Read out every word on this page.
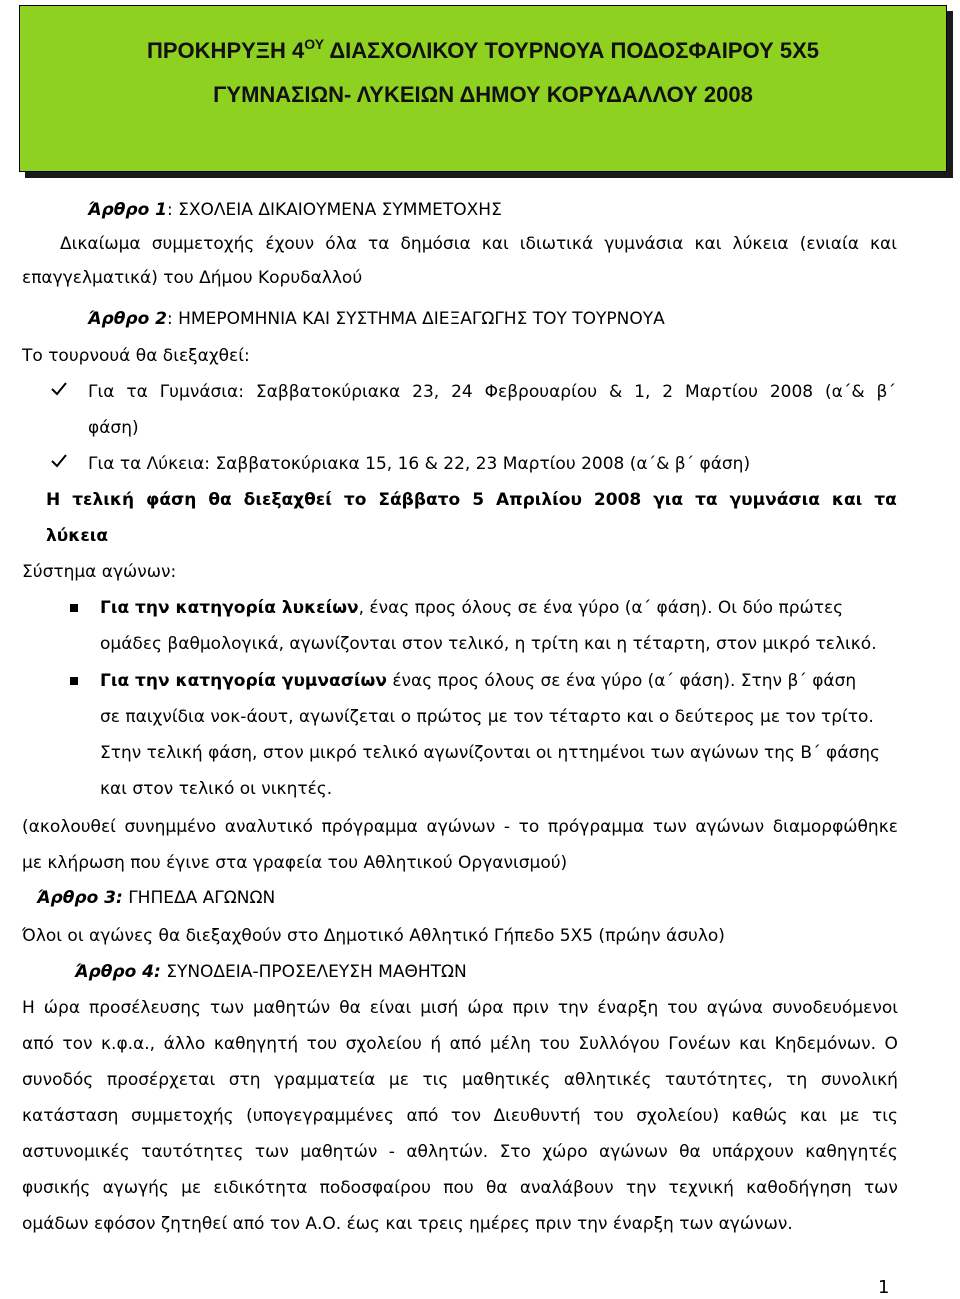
ΠΡΟΚΗΡΥΞΗ $4^{O\Upsilon}$ ΔΙΑΣΧΟΛΙΚΟΥ ΤΟΥΡΝΟΥΑ ΠΟΔΟΣΦΑΙΡΟΥ 5Χ5
ΓΥΜΝΑΣΙΩΝ- ΛΥΚΕΙΩΝ ΔΗΜΟΥ ΚΟΡΥΔΑΛΛΟΥ 2008
Άρθρο 1: ΣΧΟΛΕΙΑ ΔΙΚΑΙΟΥΜΕΝΑ ΣΥΜΜΕΤΟΧΗΣ
Δικαίωμα συμμετοχής έχουν όλα τα δημόσια και ιδιωτικά γυμνάσια και λύκεια (ενιαία και
επαγγελματικά) του Δήμου Κορυδαλλού
Άρθρο 2: ΗΜΕΡΟΜΗΝΙΑ ΚΑΙ ΣΥΣΤΗΜΑ ΔΙΕΞΑΓΩΓΗΣ ΤΟΥ ΤΟΥΡΝΟΥΑ
Το τουρνουά θα διεξαχθεί:
Για τα Γυμνάσια: Σαββατοκύριακα 23, 24 Φεβρουαρίου & 1, 2 Μαρτίου 2008 (α΄& β΄
φάση)
Για τα Λύκεια: Σαββατοκύριακα 15, 16 & 22, 23 Μαρτίου 2008 (α΄& β΄ φάση)
Η τελική φάση θα διεξαχθεί το Σάββατο 5 Απριλίου 2008 για τα γυμνάσια και τα
λύκεια
Σύστημα αγώνων:
Για την κατηγορία λυκείων, ένας προς όλους σε ένα γύρο (α΄ φάση). Οι δύο πρώτες
ομάδες βαθμολογικά, αγωνίζονται στον τελικό, η τρίτη και η τέταρτη, στον μικρό τελικό.
Για την κατηγορία γυμνασίων ένας προς όλους σε ένα γύρο (α΄ φάση). Στην β΄ φάση
σε παιχνίδια νοκ-άουτ, αγωνίζεται ο πρώτος με τον τέταρτο και ο δεύτερος με τον τρίτο.
Στην τελική φάση, στον μικρό τελικό αγωνίζονται οι ηττημένοι των αγώνων της Β΄ φάσης
και στον τελικό οι νικητές.
(ακολουθεί συνημμένο αναλυτικό πρόγραμμα αγώνων - το πρόγραμμα των αγώνων διαμορφώθηκε
με κλήρωση που έγινε στα γραφεία του Αθλητικού Οργανισμού)
Άρθρο 3: ΓΗΠΕΔΑ ΑΓΩΝΩΝ
Όλοι οι αγώνες θα διεξαχθούν στο Δημοτικό Αθλητικό Γήπεδο 5Χ5 (πρώην άσυλο)
Άρθρο 4: ΣΥΝΟΔΕΙΑ-ΠΡΟΣΕΛΕΥΣΗ ΜΑΘΗΤΩΝ
Η ώρα προσέλευσης των μαθητών θα είναι μισή ώρα πριν την έναρξη του αγώνα συνοδευόμενοι
από τον κ.φ.α., άλλο καθηγητή του σχολείου ή από μέλη του Συλλόγου Γονέων και Κηδεμόνων. Ο
συνοδός προσέρχεται στη γραμματεία με τις μαθητικές αθλητικές ταυτότητες, τη συνολική
κατάσταση συμμετοχής (υπογεγραμμένες από τον Διευθυντή του σχολείου) καθώς και με τις
αστυνομικές ταυτότητες των μαθητών - αθλητών. Στο χώρο αγώνων θα υπάρχουν καθηγητές
φυσικής αγωγής με ειδικότητα ποδοσφαίρου που θα αναλάβουν την τεχνική καθοδήγηση των
ομάδων εφόσον ζητηθεί από τον Α.Ο. έως και τρεις ημέρες πριν την έναρξη των αγώνων.
1
